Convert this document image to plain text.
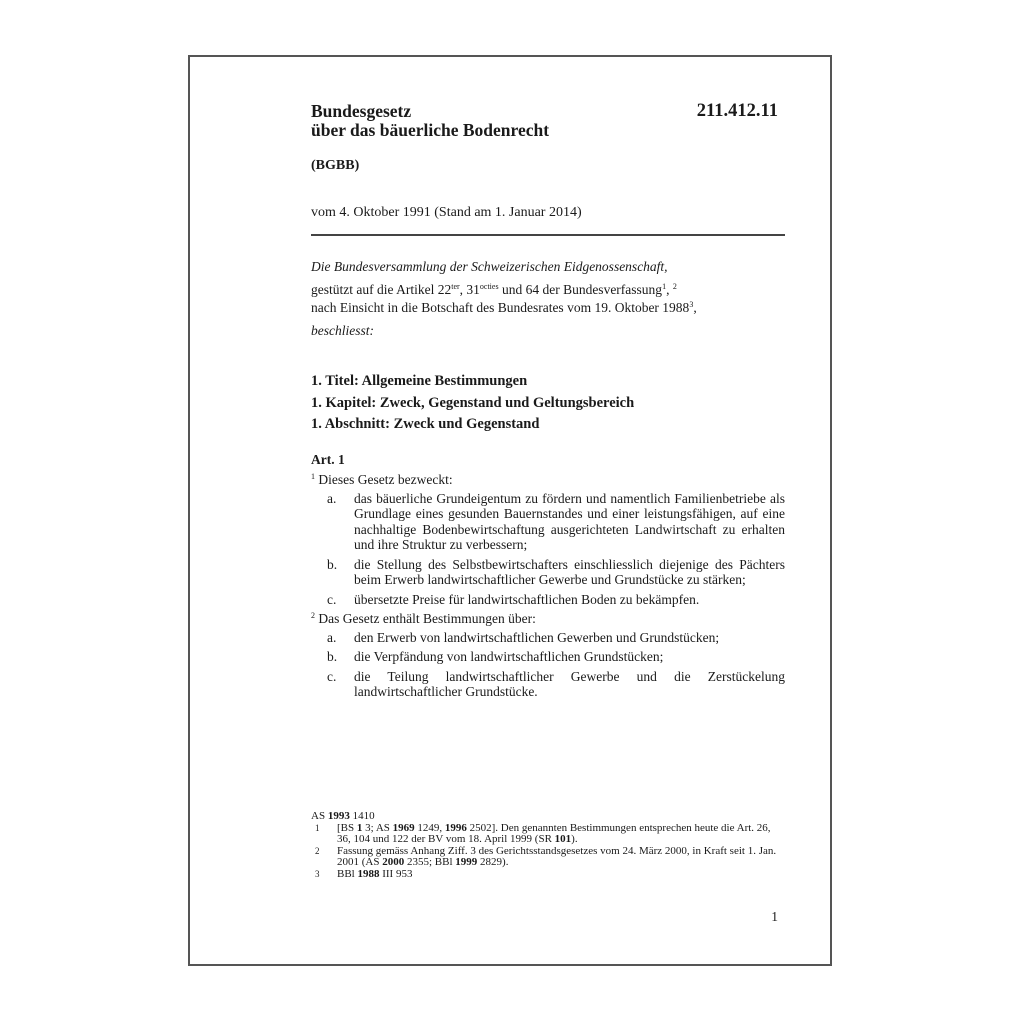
Bundesgesetz
über das bäuerliche Bodenrecht
(BGBB)
211.412.11
vom 4. Oktober 1991 (Stand am 1. Januar 2014)

Die Bundesversammlung der Schweizerischen Eidgenossenschaft,

gestützt auf die Artikel $22^{ter}$, $31^{octies}$ und 64 der Bundesverfassung$^1$, $^2$

nach Einsicht in die Botschaft des Bundesrates vom 19. Oktober 1988$^3$,

beschliesst:

1. Titel: Allgemeine Bestimmungen
1. Kapitel: Zweck, Gegenstand und Geltungsbereich
1. Abschnitt: Zweck und Gegenstand
Art. 1

$^1$ Dieses Gesetz bezweckt:

a.	das bäuerliche Grundeigentum zu fördern und namentlich Familienbetriebe als Grundlage eines gesunden Bauernstandes und einer leistungsfähigen, auf eine nachhaltige Bodenbewirtschaftung ausgerichteten Landwirtschaft zu erhalten und ihre Struktur zu verbessern;
b.	die Stellung des Selbstbewirtschafters einschliesslich diejenige des Pächters beim Erwerb landwirtschaftlicher Gewerbe und Grundstücke zu stärken;
c.	übersetzte Preise für landwirtschaftlichen Boden zu bekämpfen.

$^2$ Das Gesetz enthält Bestimmungen über:

a.	den Erwerb von landwirtschaftlichen Gewerben und Grundstücken;
b.	die Verpfändung von landwirtschaftlichen Grundstücken;
c.	die Teilung landwirtschaftlicher Gewerbe und die Zerstückelung landwirtschaftlicher Grundstücke.
AS 1993 1410
1	[BS 1 3; AS 1969 1249, 1996 2502]. Den genannten Bestimmungen entsprechen heute die Art. 26, 36, 104 und 122 der BV vom 18. April 1999 (SR 101).
2	Fassung gemäss Anhang Ziff. 3 des Gerichtsstandsgesetzes vom 24. März 2000, in Kraft seit 1. Jan. 2001 (AS 2000 2355; BBl 1999 2829).
3	BBl 1988 III 953
1
